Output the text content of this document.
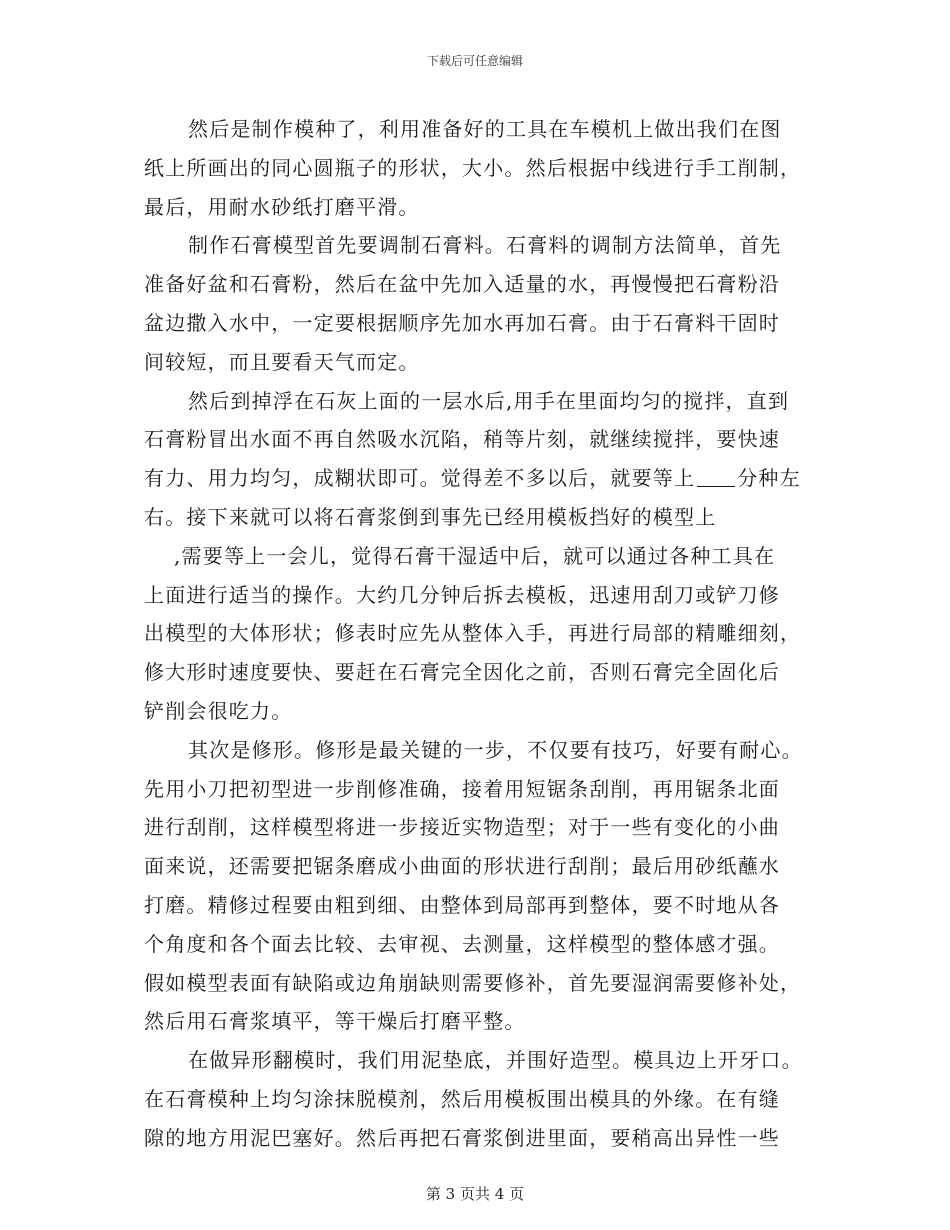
下载后可任意编辑
然后是制作模种了，利用准备好的工具在车模机上做出我们在图
纸上所画出的同心圆瓶子的形状，大小。然后根据中线进行手工削制，
最后，用耐水砂纸打磨平滑。
制作石膏模型首先要调制石膏料。石膏料的调制方法简单，首先
准备好盆和石膏粉，然后在盆中先加入适量的水，再慢慢把石膏粉沿
盆边撒入水中，一定要根据顺序先加水再加石膏。由于石膏料干固时
间较短，而且要看天气而定。
然后到掉浮在石灰上面的一层水后,用手在里面均匀的搅拌，直到
石膏粉冒出水面不再自然吸水沉陷，稍等片刻，就继续搅拌，要快速
有力、用力均匀，成糊状即可。觉得差不多以后，就要等上 分种左
右。接下来就可以将石膏浆倒到事先已经用模板挡好的模型上
,需要等上一会儿，觉得石膏干湿适中后，就可以通过各种工具在
上面进行适当的操作。大约几分钟后拆去模板，迅速用刮刀或铲刀修
出模型的大体形状；修表时应先从整体入手，再进行局部的精雕细刻，
修大形时速度要快、要赶在石膏完全因化之前，否则石膏完全固化后
铲削会很吃力。
其次是修形。修形是最关键的一步，不仅要有技巧，好要有耐心。
先用小刀把初型进一步削修准确，接着用短锯条刮削，再用锯条北面
进行刮削，这样模型将进一步接近实物造型；对于一些有变化的小曲
面来说，还需要把锯条磨成小曲面的形状进行刮削；最后用砂纸蘸水
打磨。精修过程要由粗到细、由整体到局部再到整体，要不时地从各
个角度和各个面去比较、去审视、去测量，这样模型的整体感才强。
假如模型表面有缺陷或边角崩缺则需要修补，首先要湿润需要修补处，
然后用石膏浆填平，等干燥后打磨平整。
在做异形翻模时，我们用泥垫底，并围好造型。模具边上开牙口。
在石膏模种上均匀涂抹脱模剂，然后用模板围出模具的外缘。在有缝
隙的地方用泥巴塞好。然后再把石膏浆倒进里面，要稍高出异性一些
第 3 页共 4 页
